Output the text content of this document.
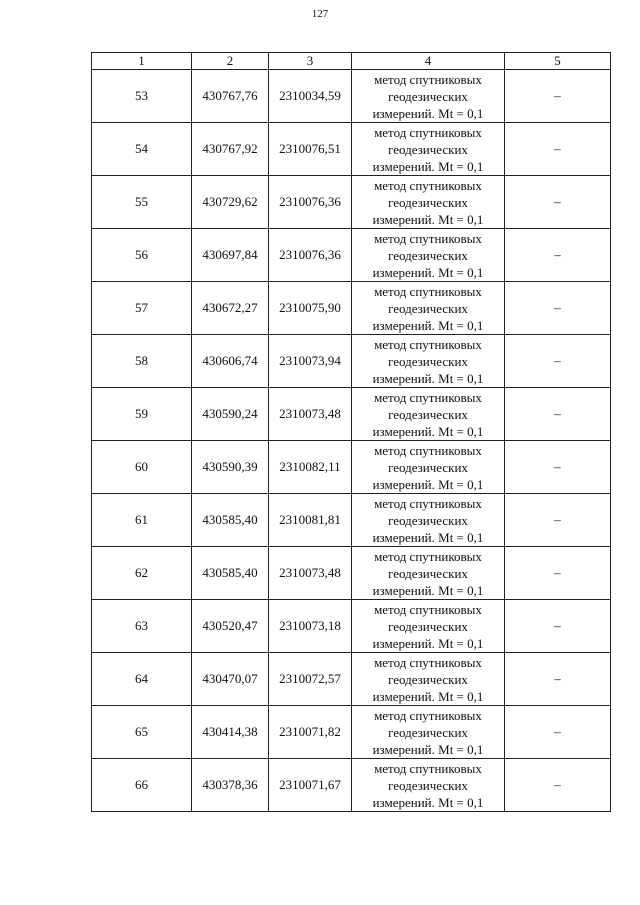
127
1	2	3	4	5
53	430767,76	2310034,59	метод спутниковых
геодезических
измерений. Mt = 0,1	–
54	430767,92	2310076,51	метод спутниковых
геодезических
измерений. Mt = 0,1	–
55	430729,62	2310076,36	метод спутниковых
геодезических
измерений. Mt = 0,1	–
56	430697,84	2310076,36	метод спутниковых
геодезических
измерений. Mt = 0,1	–
57	430672,27	2310075,90	метод спутниковых
геодезических
измерений. Mt = 0,1	–
58	430606,74	2310073,94	метод спутниковых
геодезических
измерений. Mt = 0,1	–
59	430590,24	2310073,48	метод спутниковых
геодезических
измерений. Mt = 0,1	–
60	430590,39	2310082,11	метод спутниковых
геодезических
измерений. Mt = 0,1	–
61	430585,40	2310081,81	метод спутниковых
геодезических
измерений. Mt = 0,1	–
62	430585,40	2310073,48	метод спутниковых
геодезических
измерений. Mt = 0,1	–
63	430520,47	2310073,18	метод спутниковых
геодезических
измерений. Mt = 0,1	–
64	430470,07	2310072,57	метод спутниковых
геодезических
измерений. Mt = 0,1	–
65	430414,38	2310071,82	метод спутниковых
геодезических
измерений. Mt = 0,1	–
66	430378,36	2310071,67	метод спутниковых
геодезических
измерений. Mt = 0,1	–
